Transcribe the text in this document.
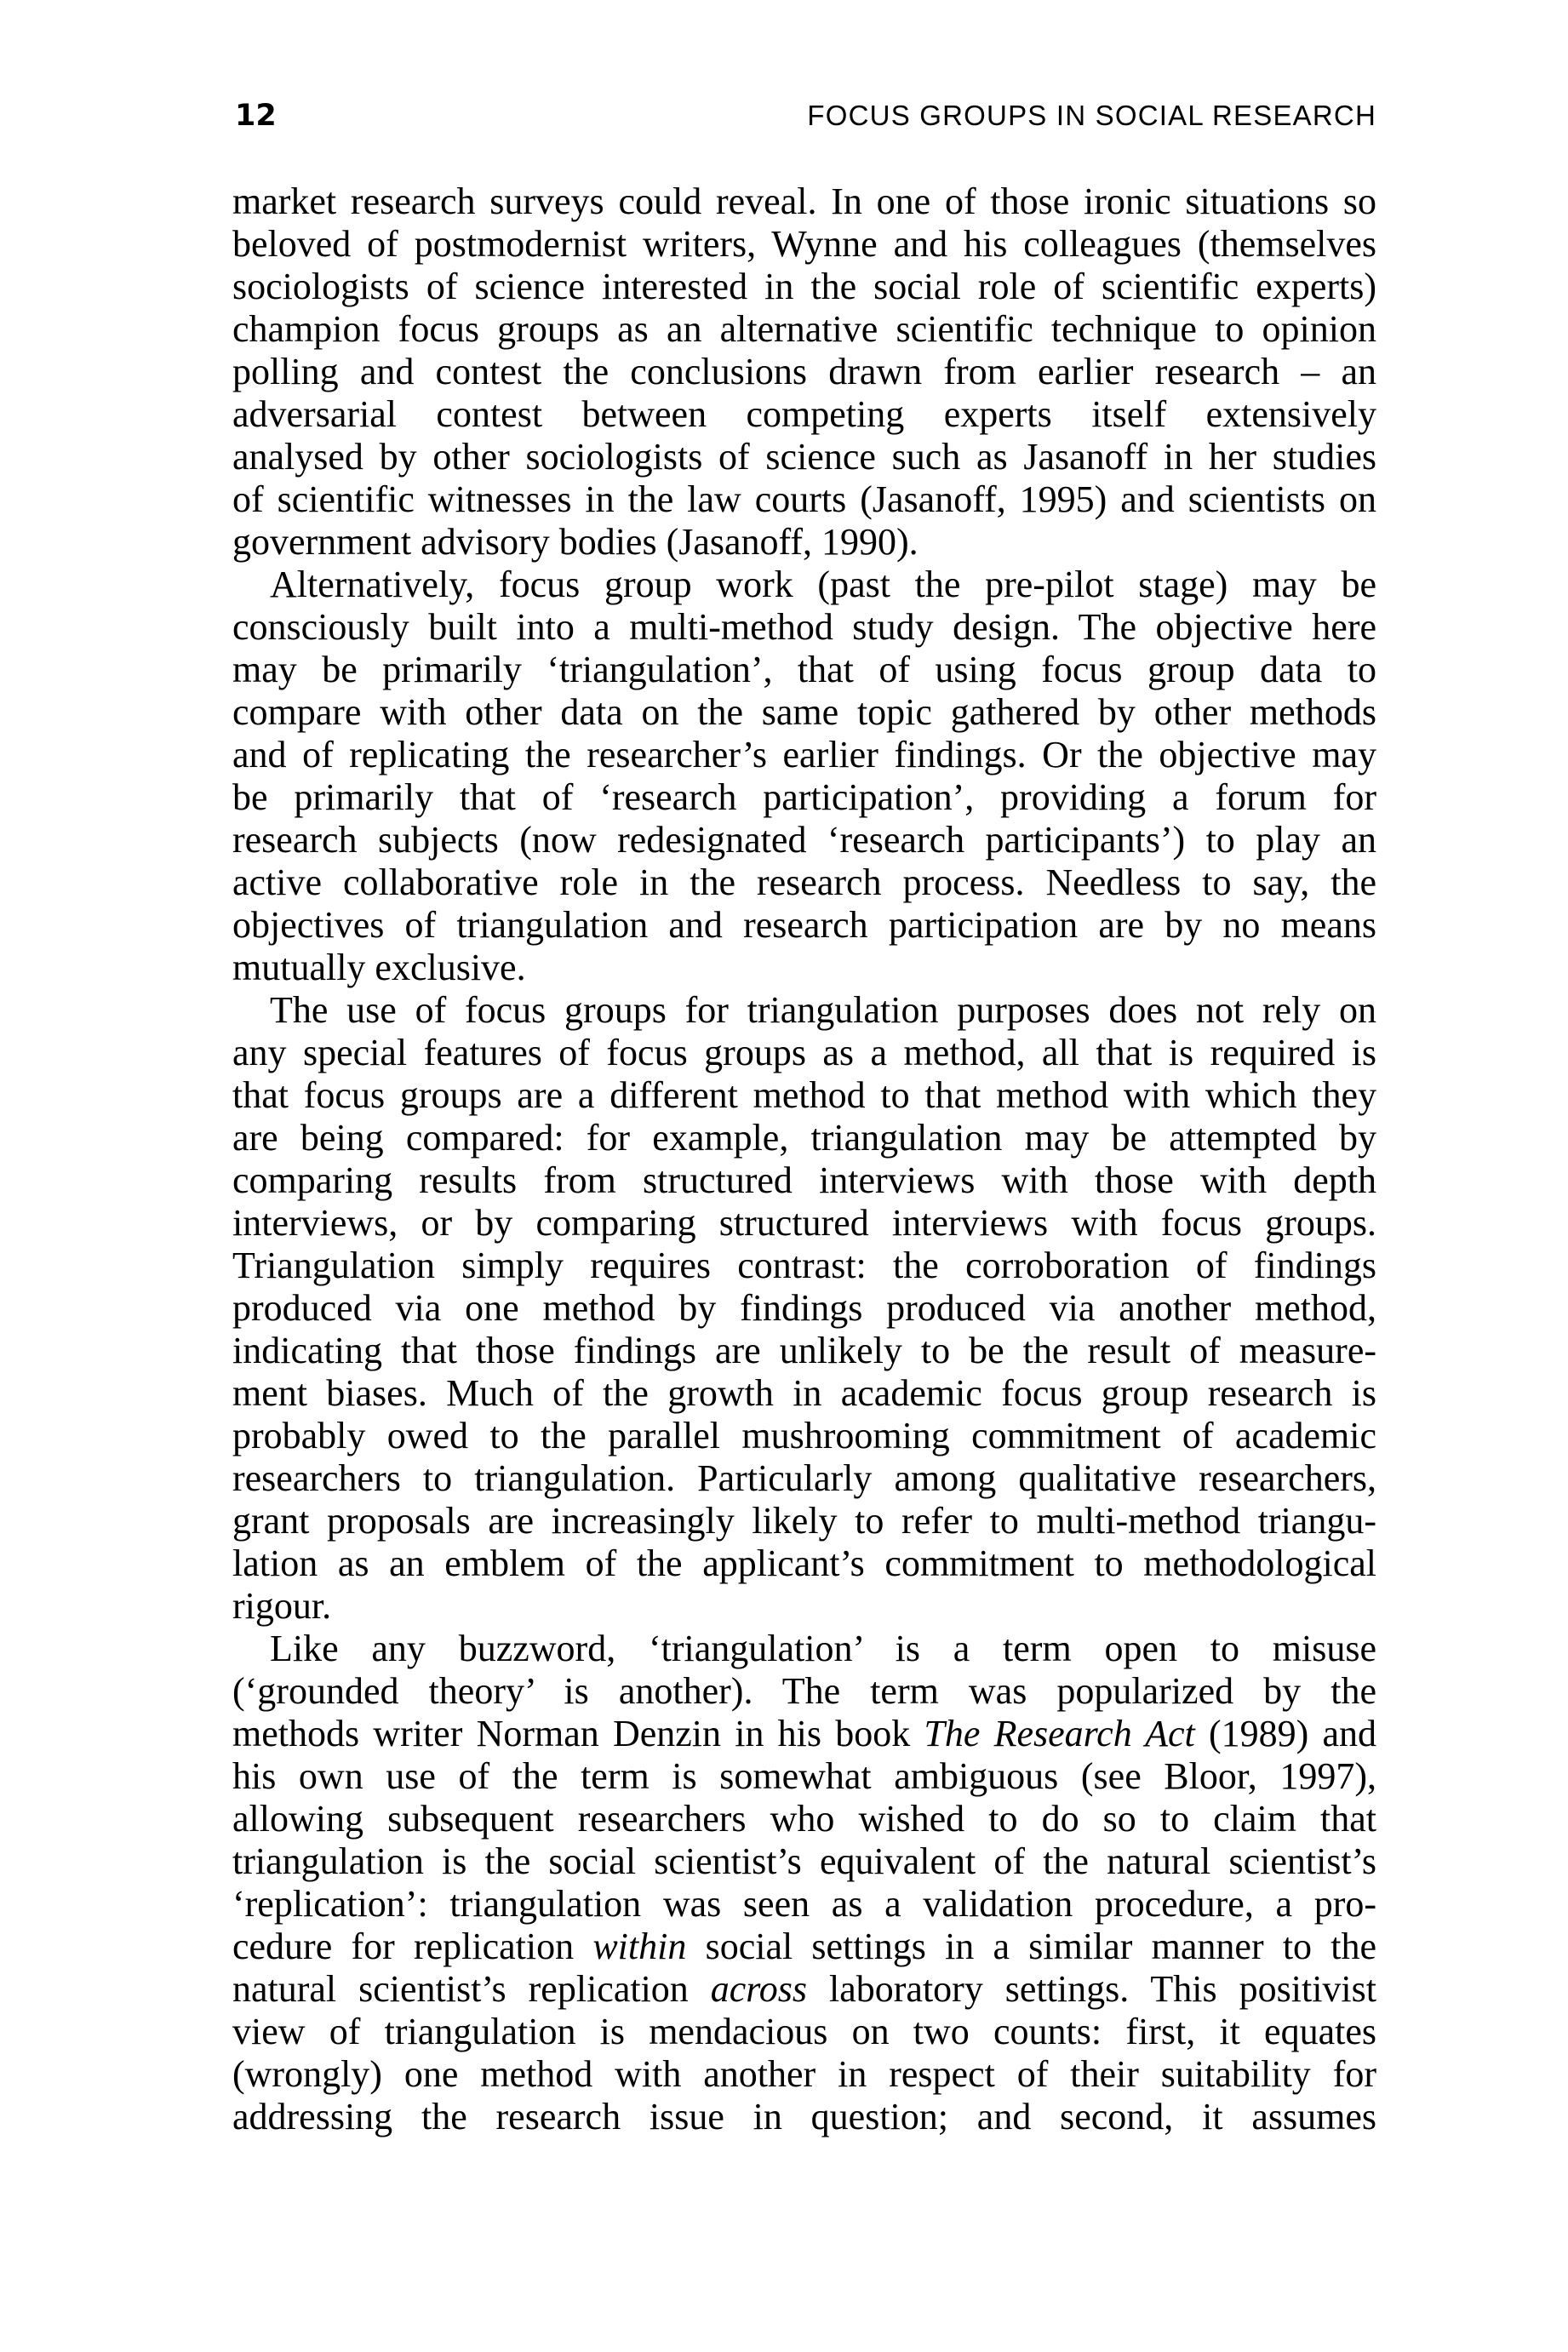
12	FOCUS GROUPS IN SOCIAL RESEARCH
market research surveys could reveal. In one of those ironic situations so
beloved of postmodernist writers, Wynne and his colleagues (themselves
sociologists of science interested in the social role of scientific experts)
champion focus groups as an alternative scientific technique to opinion
polling and contest the conclusions drawn from earlier research – an
adversarial contest between competing experts itself extensively
analysed by other sociologists of science such as Jasanoff in her studies
of scientific witnesses in the law courts (Jasanoff, 1995) and scientists on
government advisory bodies (Jasanoff, 1990).
Alternatively, focus group work (past the pre-pilot stage) may be
consciously built into a multi-method study design. The objective here
may be primarily ‘triangulation’, that of using focus group data to
compare with other data on the same topic gathered by other methods
and of replicating the researcher’s earlier findings. Or the objective may
be primarily that of ‘research participation’, providing a forum for
research subjects (now redesignated ‘research participants’) to play an
active collaborative role in the research process. Needless to say, the
objectives of triangulation and research participation are by no means
mutually exclusive.
The use of focus groups for triangulation purposes does not rely on
any special features of focus groups as a method, all that is required is
that focus groups are a different method to that method with which they
are being compared: for example, triangulation may be attempted by
comparing results from structured interviews with those with depth
interviews, or by comparing structured interviews with focus groups.
Triangulation simply requires contrast: the corroboration of findings
produced via one method by findings produced via another method,
indicating that those findings are unlikely to be the result of measure-
ment biases. Much of the growth in academic focus group research is
probably owed to the parallel mushrooming commitment of academic
researchers to triangulation. Particularly among qualitative researchers,
grant proposals are increasingly likely to refer to multi-method triangu-
lation as an emblem of the applicant’s commitment to methodological
rigour.
Like any buzzword, ‘triangulation’ is a term open to misuse
(‘grounded theory’ is another). The term was popularized by the
methods writer Norman Denzin in his book The Research Act (1989) and
his own use of the term is somewhat ambiguous (see Bloor, 1997),
allowing subsequent researchers who wished to do so to claim that
triangulation is the social scientist’s equivalent of the natural scientist’s
‘replication’: triangulation was seen as a validation procedure, a pro-
cedure for replication within social settings in a similar manner to the
natural scientist’s replication across laboratory settings. This positivist
view of triangulation is mendacious on two counts: first, it equates
(wrongly) one method with another in respect of their suitability for
addressing the research issue in question; and second, it assumes
